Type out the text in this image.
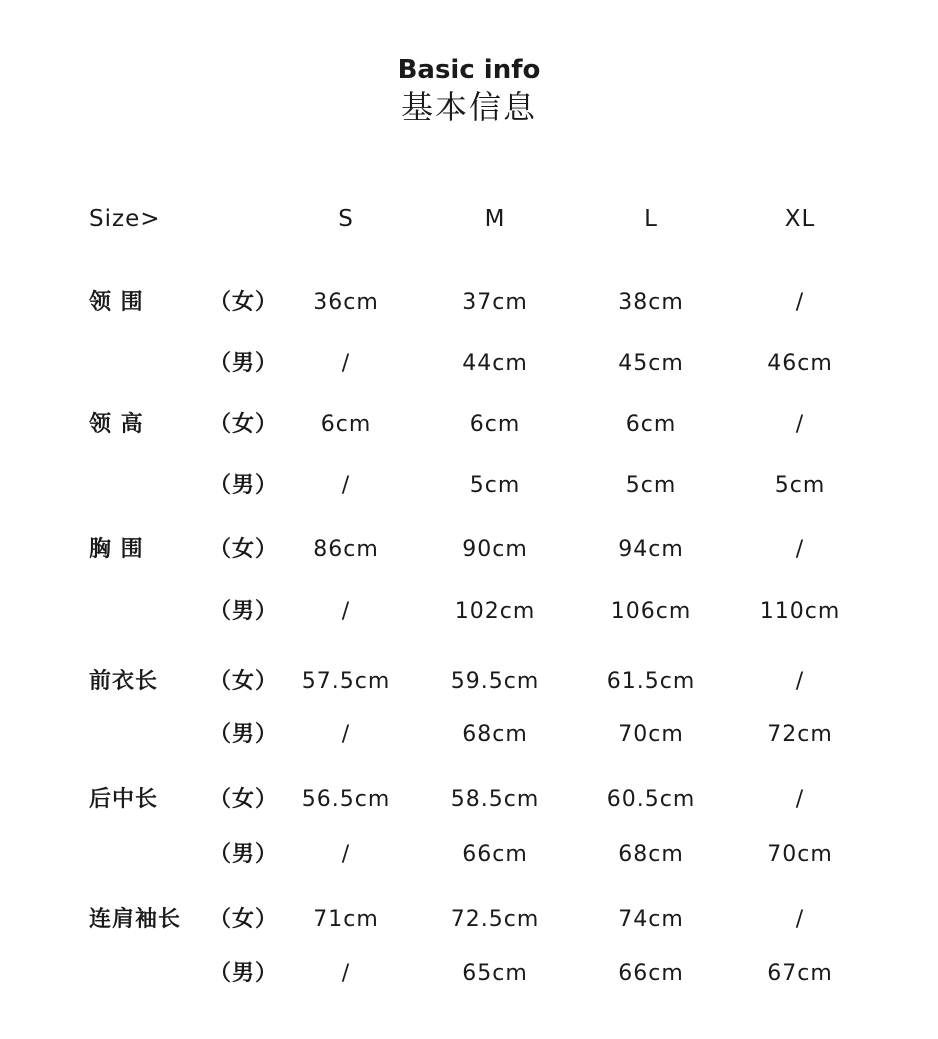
Basic info
基本信息
Size>	S	M	L	XL
领 围	（女）	36cm	37cm	38cm	/
（男）	/	44cm	45cm	46cm
领 高	（女）	6cm	6cm	6cm	/
（男）	/	5cm	5cm	5cm
胸 围	（女）	86cm	90cm	94cm	/
（男）	/	102cm	106cm	110cm
前衣长 （女）	57.5cm	59.5cm	61.5cm	/
（男）	/	68cm	70cm	72cm
后中长 （女）	56.5cm	58.5cm	60.5cm	/
（男）	/	66cm	68cm	70cm
连肩袖长 （女）	71cm	72.5cm	74cm	/
（男）	/	65cm	66cm	67cm
